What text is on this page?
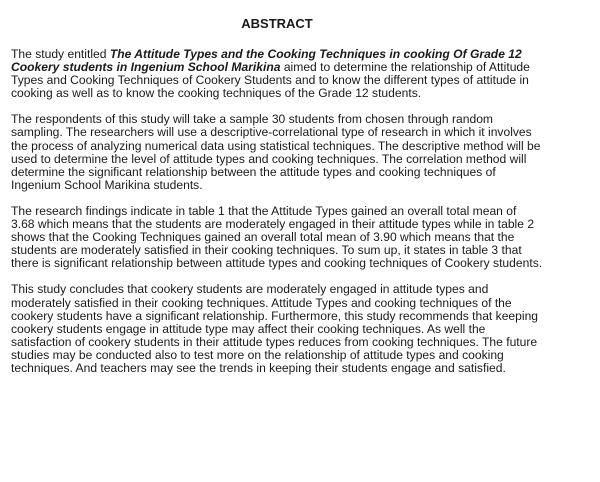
ABSTRACT

The study entitled The Attitude Types and the Cooking Techniques in cooking Of Grade 12 Cookery students in Ingenium School Marikina aimed to determine the relationship of Attitude Types and Cooking Techniques of Cookery Students and to know the different types of attitude in cooking as well as to know the cooking techniques of the Grade 12 students.

The respondents of this study will take a sample 30 students from chosen through random sampling. The researchers will use a descriptive-correlational type of research in which it involves the process of analyzing numerical data using statistical techniques. The descriptive method will be used to determine the level of attitude types and cooking techniques. The correlation method will determine the significant relationship between the attitude types and cooking techniques of Ingenium School Marikina students.

The research findings indicate in table 1 that the Attitude Types gained an overall total mean of 3.68 which means that the students are moderately engaged in their attitude types while in table 2 shows that the Cooking Techniques gained an overall total mean of 3.90 which means that the students are moderately satisfied in their cooking techniques. To sum up, it states in table 3 that there is significant relationship between attitude types and cooking techniques of Cookery students.

This study concludes that cookery students are moderately engaged in attitude types and moderately satisfied in their cooking techniques. Attitude Types and cooking techniques of the cookery students have a significant relationship. Furthermore, this study recommends that keeping cookery students engage in attitude type may affect their cooking techniques. As well the satisfaction of cookery students in their attitude types reduces from cooking techniques. The future studies may be conducted also to test more on the relationship of attitude types and cooking techniques. And teachers may see the trends in keeping their students engage and satisfied.
